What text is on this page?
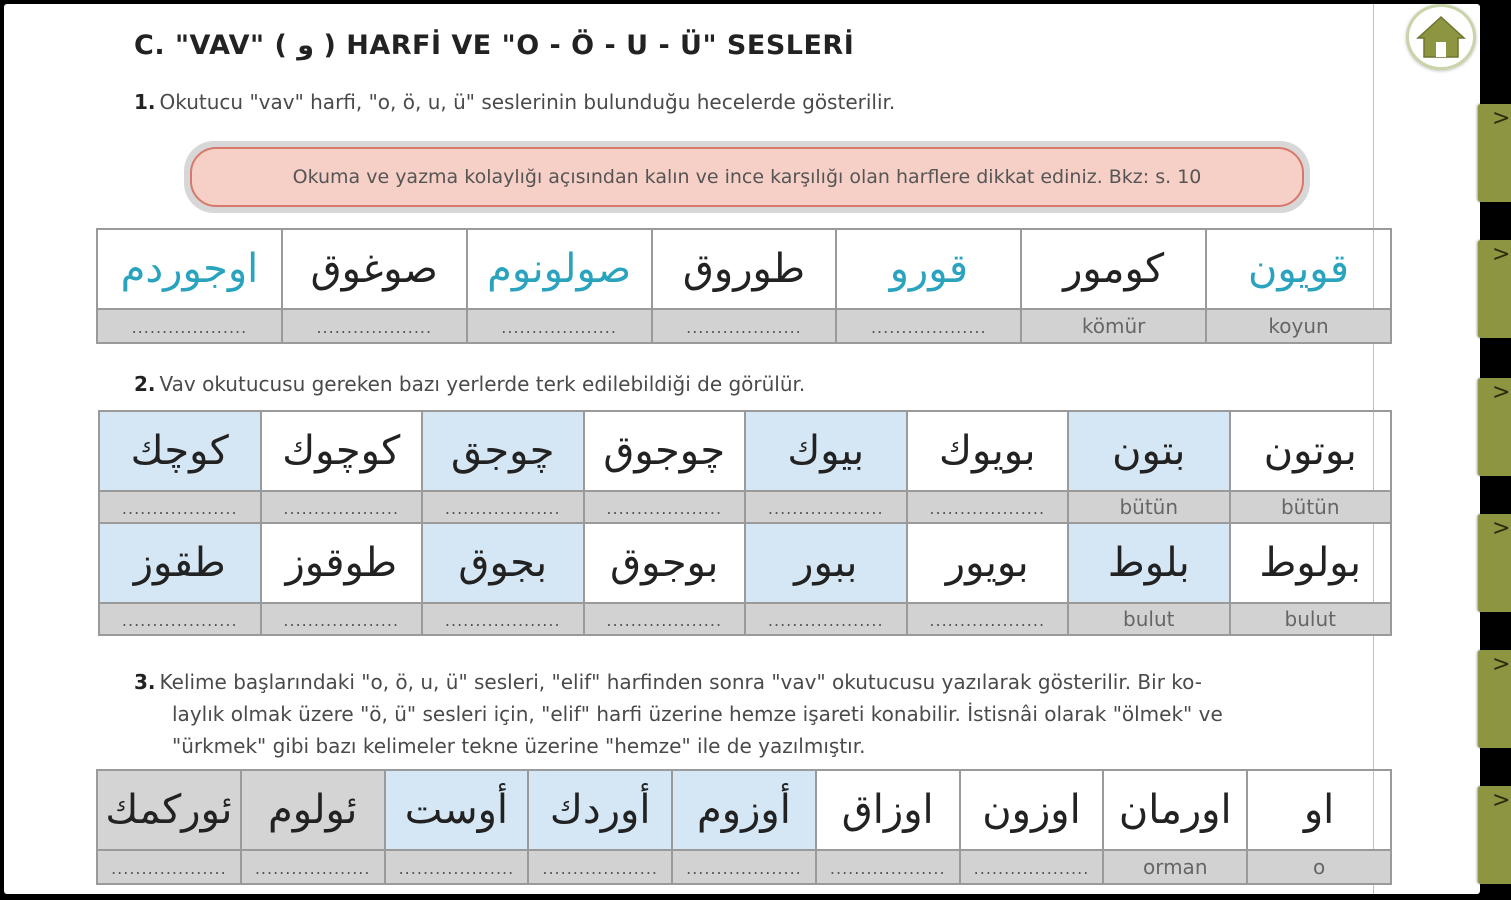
C. "VAV" ( و ) HARFİ VE "O - Ö - U - Ü" SESLERİ
1. Okutucu "vav" harfi, "o, ö, u, ü" seslerinin bulunduğu hecelerde gösterilir.
Okuma ve yazma kolaylığı açısından kalın ve ince karşılığı olan harflere dikkat ediniz. Bkz: s. 10
اوجوردم	صوغوق	صولونوم	طوروق	قورو	كومور	قويون
...................	...................	...................	...................	...................	kömür	koyun
2. Vav okutucusu gereken bazı yerlerde terk edilebildiği de görülür.
كوچك	كوچوك	چوجق	چوجوق	بيوك	بويوك	بتون	بوتون
...................	...................	...................	...................	...................	...................	bütün	bütün
طقوز	طوقوز	بجوق	بوجوق	ببور	بويور	بلوط	بولوط
...................	...................	...................	...................	...................	...................	bulut	bulut
3. Kelime başlarındaki "o, ö, u, ü" sesleri, "elif" harfinden sonra "vav" okutucusu yazılarak gösterilir. Bir ko-
laylık olmak üzere "ö, ü" sesleri için, "elif" harfi üzerine hemze işareti konabilir. İstisnâi olarak "ölmek" ve
"ürkmek" gibi bazı kelimeler tekne üzerine "hemze" ile de yazılmıştır.
ئوركمك	ئولوم	أوست	أوردك	أوزوم	اوزاق	اوزون	اورمان	او
...................	...................	...................	...................	...................	...................	...................	orman	o
>
>
>
>
>
>
